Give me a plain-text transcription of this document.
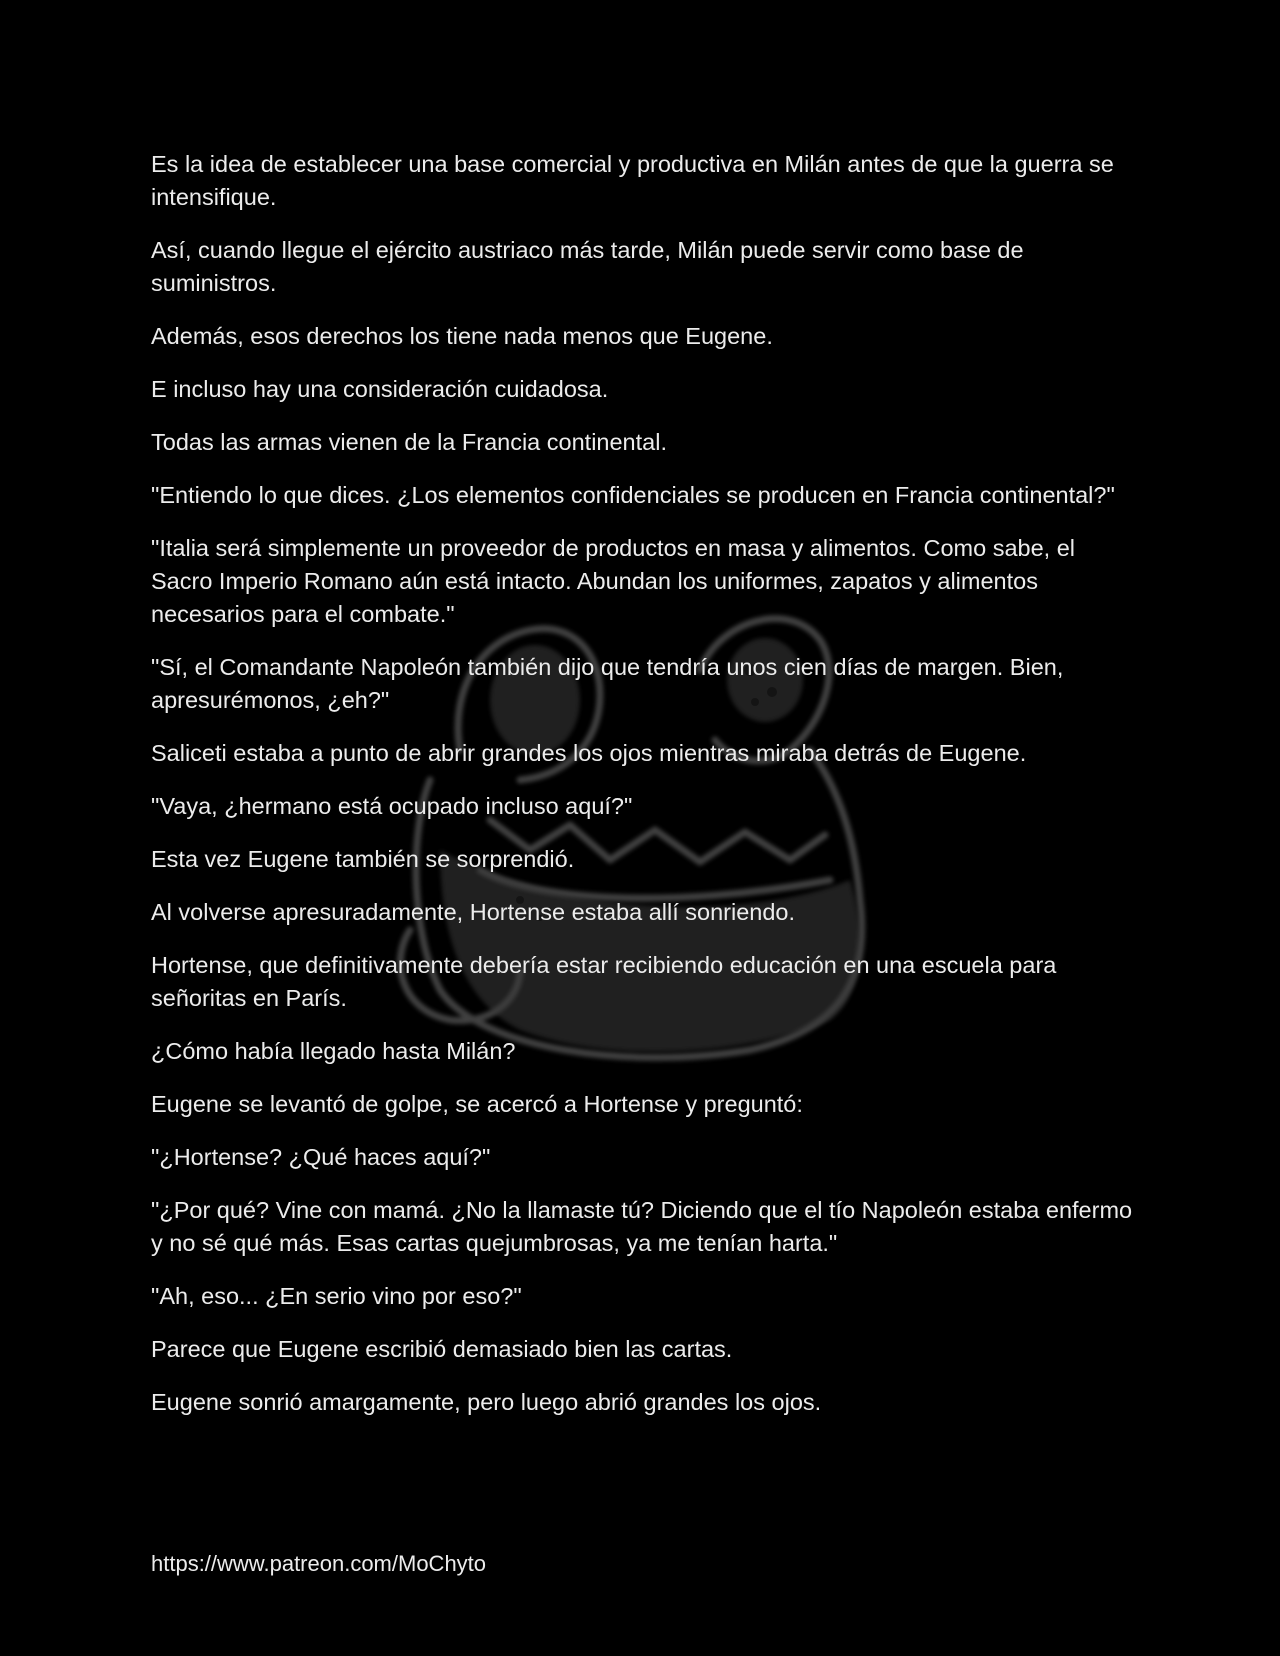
Es la idea de establecer una base comercial y productiva en Milán antes de que la guerra se intensifique.

Así, cuando llegue el ejército austriaco más tarde, Milán puede servir como base de suministros.

Además, esos derechos los tiene nada menos que Eugene.

E incluso hay una consideración cuidadosa.

Todas las armas vienen de la Francia continental.

"Entiendo lo que dices. ¿Los elementos confidenciales se producen en Francia continental?"

"Italia será simplemente un proveedor de productos en masa y alimentos. Como sabe, el Sacro Imperio Romano aún está intacto. Abundan los uniformes, zapatos y alimentos necesarios para el combate."

"Sí, el Comandante Napoleón también dijo que tendría unos cien días de margen. Bien, apresurémonos, ¿eh?"

Saliceti estaba a punto de abrir grandes los ojos mientras miraba detrás de Eugene.

"Vaya, ¿hermano está ocupado incluso aquí?"

Esta vez Eugene también se sorprendió.

Al volverse apresuradamente, Hortense estaba allí sonriendo.

Hortense, que definitivamente debería estar recibiendo educación en una escuela para señoritas en París.

¿Cómo había llegado hasta Milán?

Eugene se levantó de golpe, se acercó a Hortense y preguntó:

"¿Hortense? ¿Qué haces aquí?"

"¿Por qué? Vine con mamá. ¿No la llamaste tú? Diciendo que el tío Napoleón estaba enfermo y no sé qué más. Esas cartas quejumbrosas, ya me tenían harta."

"Ah, eso... ¿En serio vino por eso?"

Parece que Eugene escribió demasiado bien las cartas.

Eugene sonrió amargamente, pero luego abrió grandes los ojos.

https://www.patreon.com/MoChyto
